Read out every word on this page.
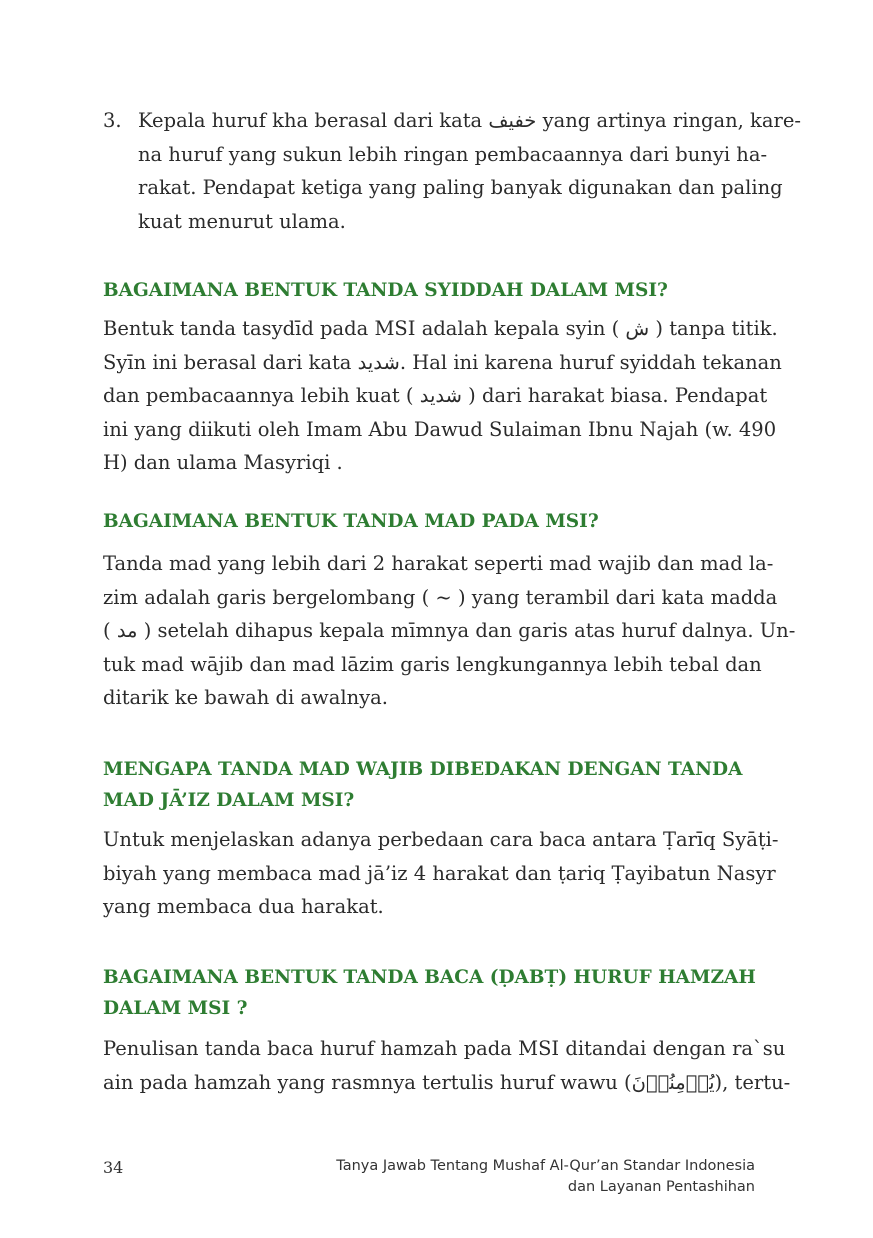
3. Kepala huruf kha berasal dari kata خفيف yang artinya ringan, kare-
na huruf yang sukun lebih ringan pembacaannya dari bunyi ha-
rakat. Pendapat ketiga yang paling banyak digunakan dan paling
kuat menurut ulama.
BAGAIMANA BENTUK TANDA SYIDDAH DALAM MSI?
Bentuk tanda tasydīd pada MSI adalah kepala syin ( ش ) tanpa titik.
Syīn ini berasal dari kata شديد. Hal ini karena huruf syiddah tekanan
dan pembacaannya lebih kuat ( شديد ) dari harakat biasa. Pendapat
ini yang diikuti oleh Imam Abu Dawud Sulaiman Ibnu Najah (w. 490
H) dan ulama Masyriqi .
BAGAIMANA BENTUK TANDA MAD PADA MSI?
Tanda mad yang lebih dari 2 harakat seperti mad wajib dan mad la-
zim adalah garis bergelombang ( ~ ) yang terambil dari kata madda
( مد ) setelah dihapus kepala mīmnya dan garis atas huruf dalnya. Un-
tuk mad wājib dan mad lāzim garis lengkungannya lebih tebal dan
ditarik ke bawah di awalnya.
MENGAPA TANDA MAD WAJIB DIBEDAKAN DENGAN TANDA
MAD JĀ’IZ DALAM MSI?
Untuk menjelaskan adanya perbedaan cara baca antara Ṭarīq Syāṭi-
biyah yang membaca mad jā’iz 4 harakat dan ṭariq Ṭayibatun Nasyr
yang membaca dua harakat.
BAGAIMANA BENTUK TANDA BACA (ḌABṬ) HURUF HAMZAH
DALAM MSI ?
Penulisan tanda baca huruf hamzah pada MSI ditandai dengan ra`su
ain pada hamzah yang rasmnya tertulis huruf wawu (يُؤۡمِنُوۡنَ), tertu-
34	Tanya Jawab Tentang Mushaf Al-Qur’an Standar Indonesia
dan Layanan Pentashihan
